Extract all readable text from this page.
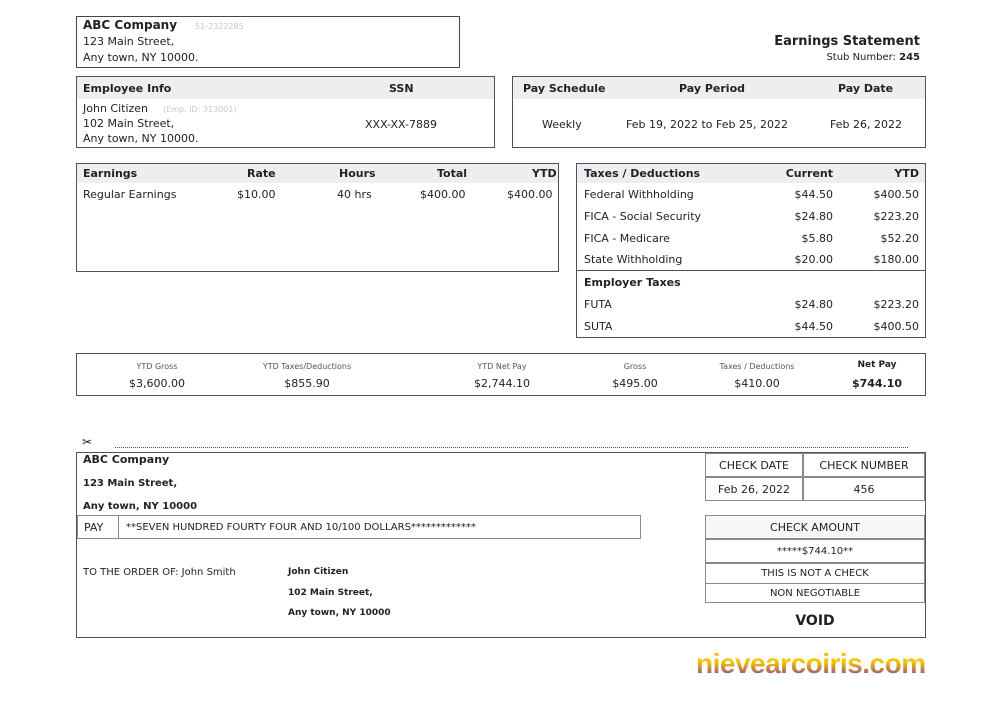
ABC Company 51-2322285
123 Main Street,
Any town, NY 10000.
Earnings Statement
Stub Number: 245
Employee Info	SSN
John Citizen (Emp. ID: 313001)
102 Main Street,
Any town, NY 10000.
XXX-XX-7889
Pay Schedule	Pay Period	Pay Date
Weekly	Feb 19, 2022 to Feb 25, 2022	Feb 26, 2022
Earnings	Rate	Hours	Total	YTD
Regular Earnings	$10.00	40 hrs	$400.00	$400.00
Taxes / Deductions	Current	YTD
Federal Withholding	$44.50	$400.50
FICA - Social Security	$24.80	$223.20
FICA - Medicare	$5.80	$52.20
State Withholding	$20.00	$180.00
Employer Taxes
FUTA	$24.80	$223.20
SUTA	$44.50	$400.50
YTD Gross	YTD Taxes/Deductions	YTD Net Pay	Gross	Taxes / Deductions	Net Pay
$3,600.00	$855.90	$2,744.10	$495.00	$410.00	$744.10
✂
ABC Company
123 Main Street,
Any town, NY 10000
PAY **SEVEN HUNDRED FOURTY FOUR AND 10/100 DOLLARS*************
TO THE ORDER OF: John Smith	John Citizen
102 Main Street,
Any town, NY 10000
CHECK DATE	CHECK NUMBER
Feb 26, 2022	456
CHECK AMOUNT
*****$744.10**
THIS IS NOT A CHECK
NON NEGOTIABLE
VOID
nievearcoiris.com
